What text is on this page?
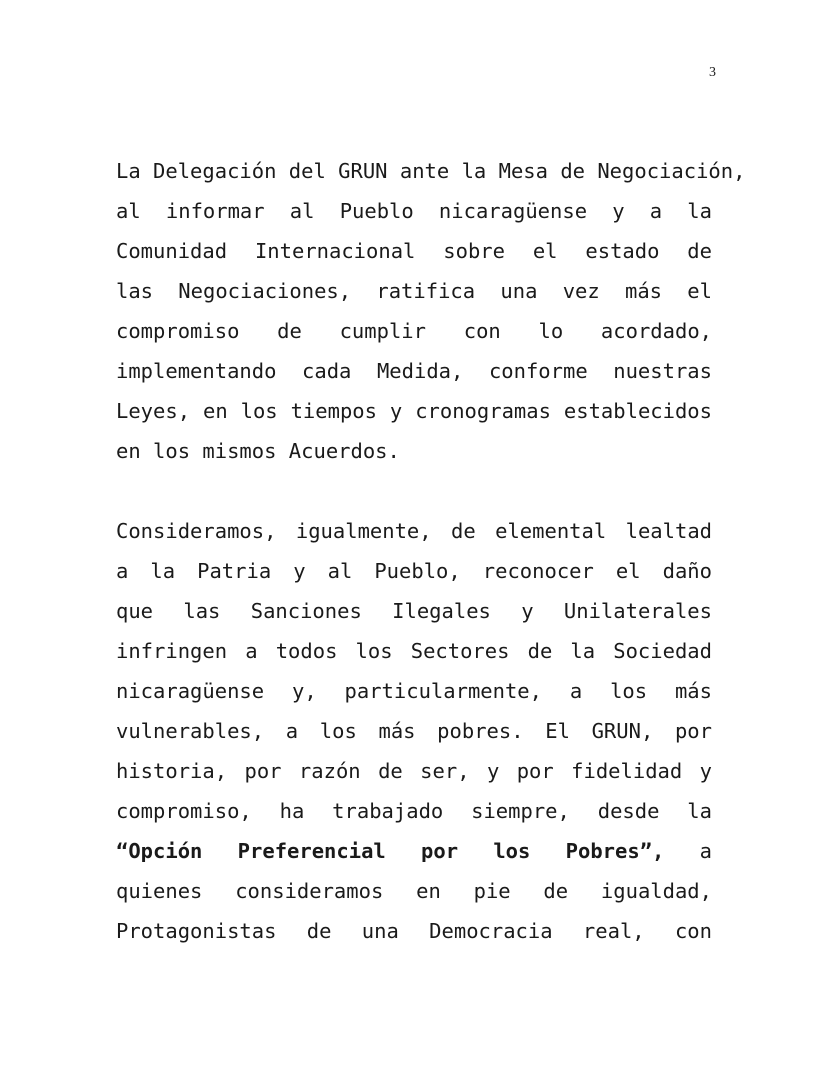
3
La Delegación del GRUN ante la Mesa de Negociación,
al informar al Pueblo nicaragüense y a la
Comunidad Internacional sobre el estado de
las Negociaciones, ratifica una vez más el
compromiso de cumplir con lo acordado,
implementando cada Medida, conforme nuestras
Leyes, en los tiempos y cronogramas establecidos
en los mismos Acuerdos.
Consideramos, igualmente, de elemental lealtad
a la Patria y al Pueblo, reconocer el daño
que las Sanciones Ilegales y Unilaterales
infringen a todos los Sectores de la Sociedad
nicaragüense y, particularmente, a los más
vulnerables, a los más pobres. El GRUN, por
historia, por razón de ser, y por fidelidad y
compromiso, ha trabajado siempre, desde la
“Opción Preferencial por los Pobres”, a
quienes consideramos en pie de igualdad,
Protagonistas de una Democracia real, con
